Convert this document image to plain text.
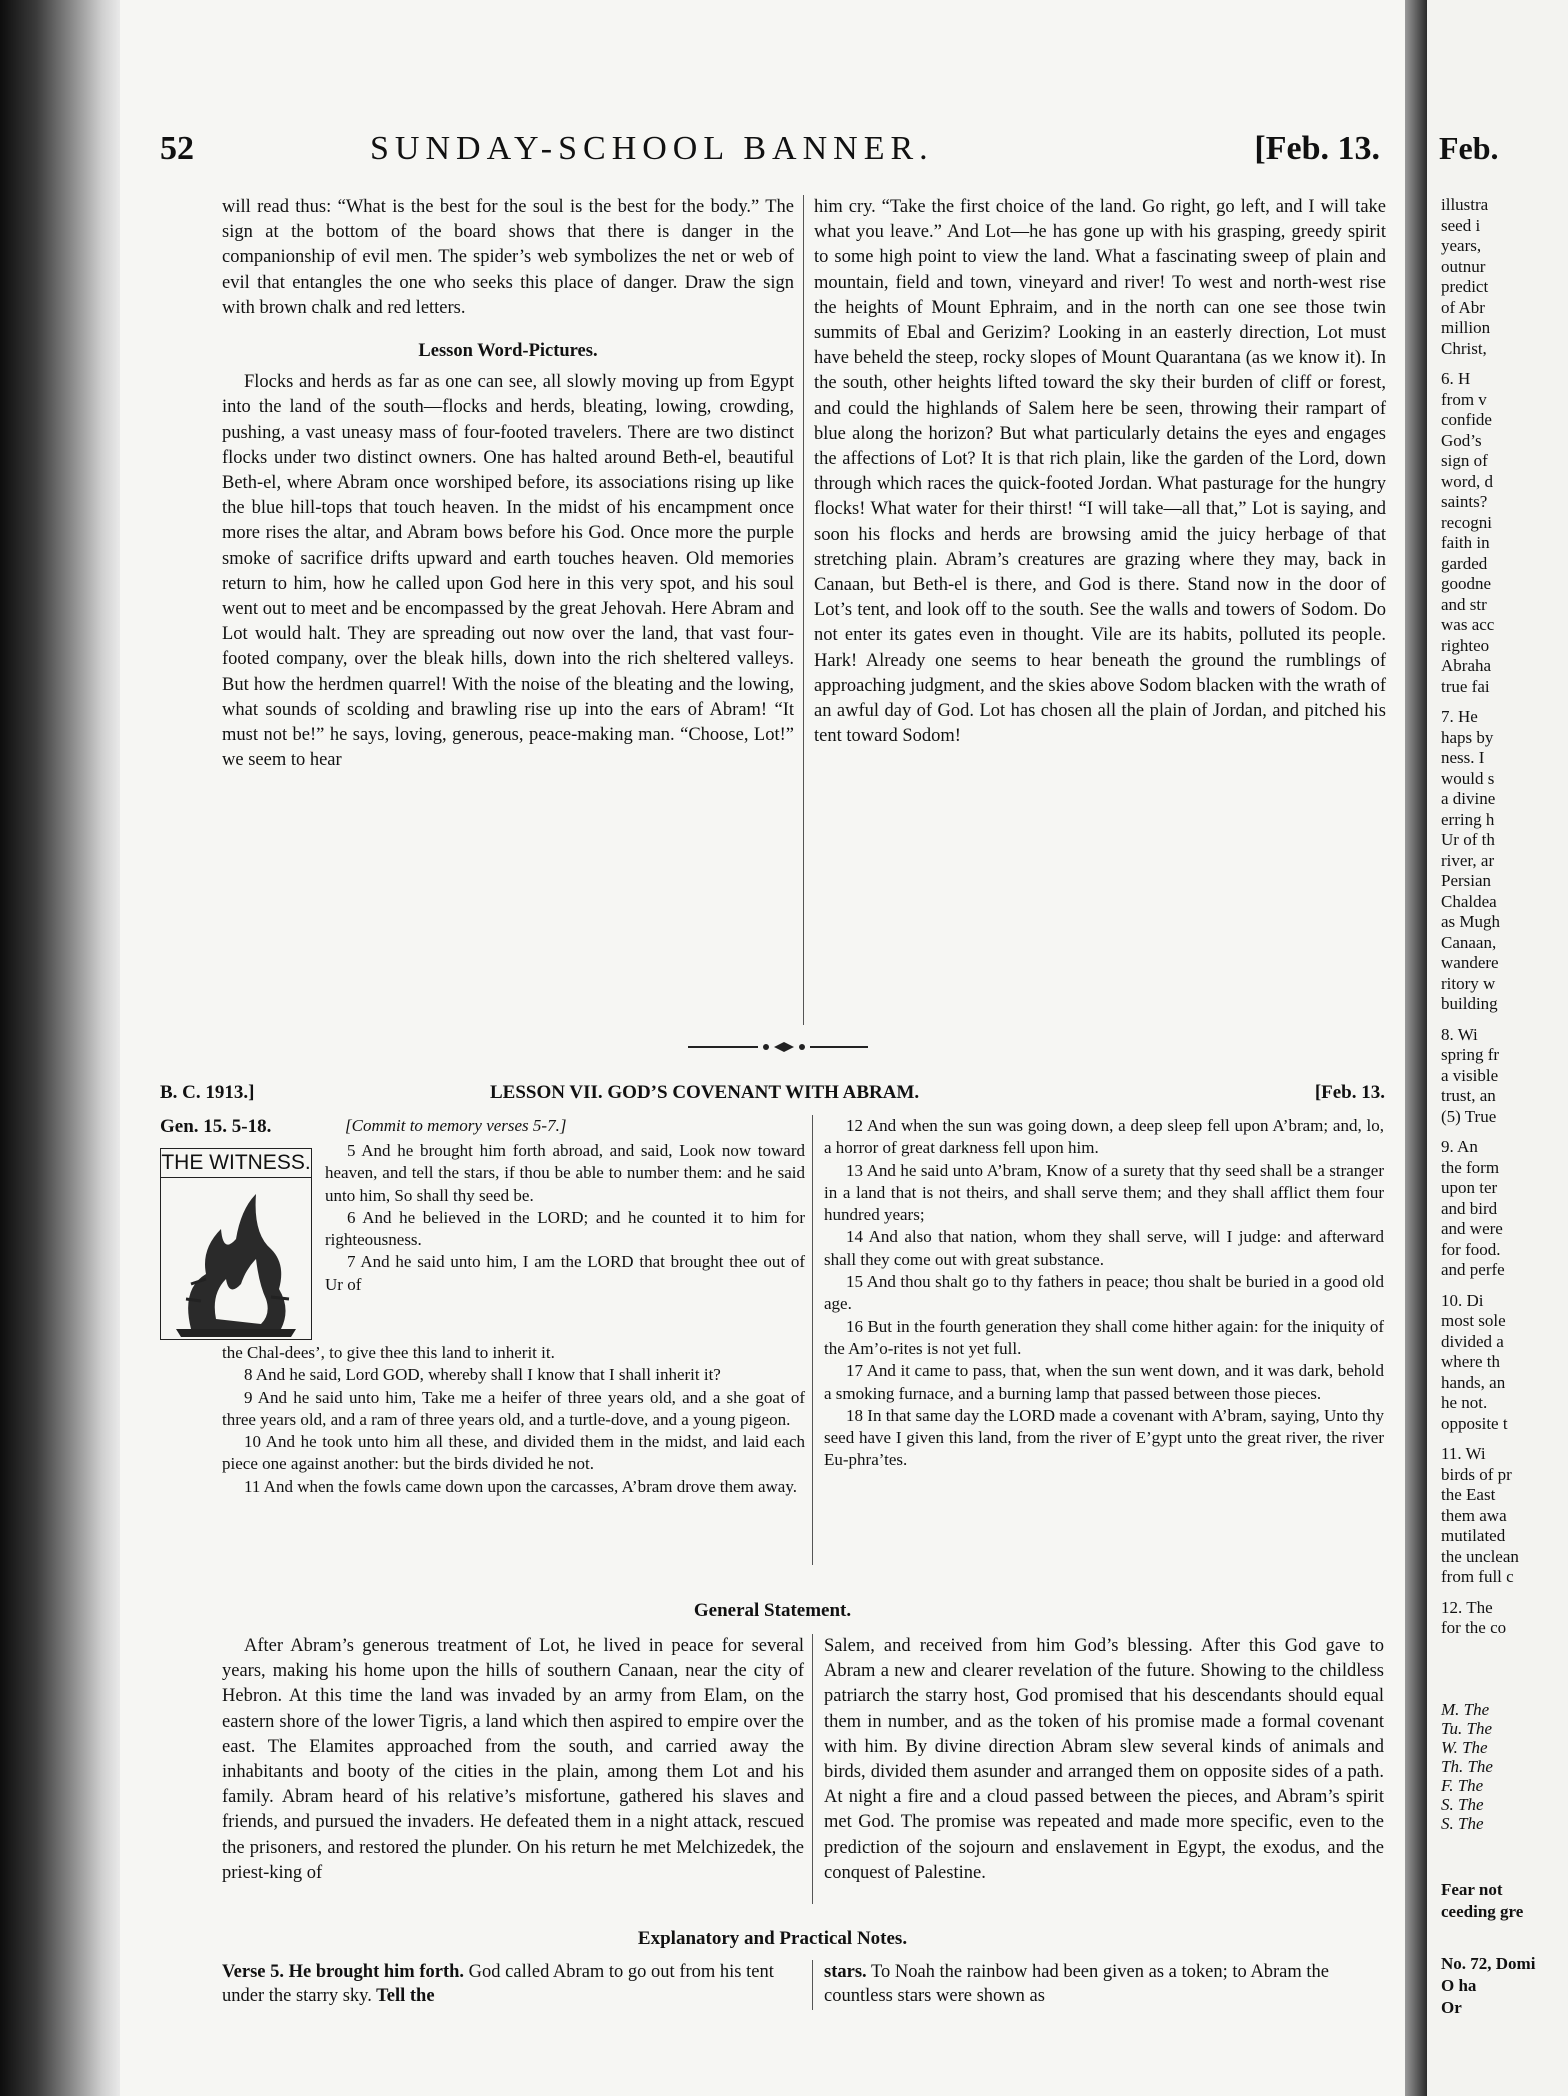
Feb.
illustra
seed i
years,
outnur
predict
of Abr
million
Christ,
6. H
from v
confide
God’s
sign of
word, d
saints?
recogni
faith in
garded
goodne
and str
was acc
righteo
Abraha
true fai
7. He
haps by
ness. I
would s
a divine
erring h
Ur of th
river, ar
Persian
Chaldea
as Mugh
Canaan,
wandere
ritory w
building
8. Wi
spring fr
a visible
trust, an
(5) True
9. An
the form
upon ter
and bird
and were
for food.
and perfe
10. Di
most sole
divided a
where th
hands, an
he not.
opposite t
11. Wi
birds of pr
the East
them awa
mutilated
the unclean
from full c
12. The
for the co
M. The
Tu. The
W. The
Th. The
F. The
S. The
S. The
Fear not
ceeding gre
No. 72, Domi
O ha
Or
52	SUNDAY-SCHOOL BANNER.	[Feb. 13.

will read thus: “What is the best for the soul is the best for the body.” The sign at the bottom of the board shows that there is danger in the companionship of evil men. The spider’s web symbolizes the net or web of evil that entangles the one who seeks this place of danger. Draw the sign with brown chalk and red letters.

Lesson Word-Pictures.

Flocks and herds as far as one can see, all slowly moving up from Egypt into the land of the south—flocks and herds, bleating, lowing, crowding, pushing, a vast uneasy mass of four-footed travelers. There are two distinct flocks under two distinct owners. One has halted around Beth-el, beautiful Beth-el, where Abram once worshiped before, its associations rising up like the blue hill-tops that touch heaven. In the midst of his encampment once more rises the altar, and Abram bows before his God. Once more the purple smoke of sacrifice drifts upward and earth touches heaven. Old memories return to him, how he called upon God here in this very spot, and his soul went out to meet and be encompassed by the great Jehovah. Here Abram and Lot would halt. They are spreading out now over the land, that vast four-footed company, over the bleak hills, down into the rich sheltered valleys. But how the herdmen quarrel! With the noise of the bleating and the lowing, what sounds of scolding and brawling rise up into the ears of Abram! “It must not be!” he says, loving, generous, peace-making man. “Choose, Lot!” we seem to hear

him cry. “Take the first choice of the land. Go right, go left, and I will take what you leave.” And Lot—he has gone up with his grasping, greedy spirit to some high point to view the land. What a fascinating sweep of plain and mountain, field and town, vineyard and river! To west and north-west rise the heights of Mount Ephraim, and in the north can one see those twin summits of Ebal and Gerizim? Looking in an easterly direction, Lot must have beheld the steep, rocky slopes of Mount Quarantana (as we know it). In the south, other heights lifted toward the sky their burden of cliff or forest, and could the highlands of Salem here be seen, throwing their rampart of blue along the horizon? But what particularly detains the eyes and engages the affections of Lot? It is that rich plain, like the garden of the Lord, down through which races the quick-footed Jordan. What pasturage for the hungry flocks! What water for their thirst! “I will take—all that,” Lot is saying, and soon his flocks and herds are browsing amid the juicy herbage of that stretching plain. Abram’s creatures are grazing where they may, back in Canaan, but Beth-el is there, and God is there. Stand now in the door of Lot’s tent, and look off to the south. See the walls and towers of Sodom. Do not enter its gates even in thought. Vile are its habits, polluted its people. Hark! Already one seems to hear beneath the ground the rumblings of approaching judgment, and the skies above Sodom blacken with the wrath of an awful day of God. Lot has chosen all the plain of Jordan, and pitched his tent toward Sodom!

B. C. 1913.]	LESSON VII. GOD’S COVENANT WITH ABRAM.	[Feb. 13.
Gen. 15. 5-18.	[Commit to memory verses 5-7.]
THE WITNESS.

5 And he brought him forth abroad, and said, Look now toward heaven, and tell the stars, if thou be able to number them: and he said unto him, So shall thy seed be.

6 And he believed in the LORD; and he counted it to him for righteousness.

7 And he said unto him, I am the LORD that brought thee out of Ur of

the Chal-dees’, to give thee this land to inherit it.

8 And he said, Lord GOD, whereby shall I know that I shall inherit it?

9 And he said unto him, Take me a heifer of three years old, and a she goat of three years old, and a ram of three years old, and a turtle-dove, and a young pigeon.

10 And he took unto him all these, and divided them in the midst, and laid each piece one against another: but the birds divided he not.

11 And when the fowls came down upon the carcasses, A’bram drove them away.

12 And when the sun was going down, a deep sleep fell upon A’bram; and, lo, a horror of great darkness fell upon him.

13 And he said unto A’bram, Know of a surety that thy seed shall be a stranger in a land that is not theirs, and shall serve them; and they shall afflict them four hundred years;

14 And also that nation, whom they shall serve, will I judge: and afterward shall they come out with great substance.

15 And thou shalt go to thy fathers in peace; thou shalt be buried in a good old age.

16 But in the fourth generation they shall come hither again: for the iniquity of the Am’o-rites is not yet full.

17 And it came to pass, that, when the sun went down, and it was dark, behold a smoking furnace, and a burning lamp that passed between those pieces.

18 In that same day the LORD made a covenant with A’bram, saying, Unto thy seed have I given this land, from the river of E’gypt unto the great river, the river Eu-phra’tes.

General Statement.

After Abram’s generous treatment of Lot, he lived in peace for several years, making his home upon the hills of southern Canaan, near the city of Hebron. At this time the land was invaded by an army from Elam, on the eastern shore of the lower Tigris, a land which then aspired to empire over the east. The Elamites approached from the south, and carried away the inhabitants and booty of the cities in the plain, among them Lot and his family. Abram heard of his relative’s misfortune, gathered his slaves and friends, and pursued the invaders. He defeated them in a night attack, rescued the prisoners, and restored the plunder. On his return he met Melchizedek, the priest-king of

Salem, and received from him God’s blessing. After this God gave to Abram a new and clearer revelation of the future. Showing to the childless patriarch the starry host, God promised that his descendants should equal them in number, and as the token of his promise made a formal covenant with him. By divine direction Abram slew several kinds of animals and birds, divided them asunder and arranged them on opposite sides of a path. At night a fire and a cloud passed between the pieces, and Abram’s spirit met God. The promise was repeated and made more specific, even to the prediction of the sojourn and enslavement in Egypt, the exodus, and the conquest of Palestine.

Explanatory and Practical Notes.
Verse 5. He brought him forth. God called Abram to go out from his tent under the starry sky. Tell the
stars. To Noah the rainbow had been given as a token; to Abram the countless stars were shown as
